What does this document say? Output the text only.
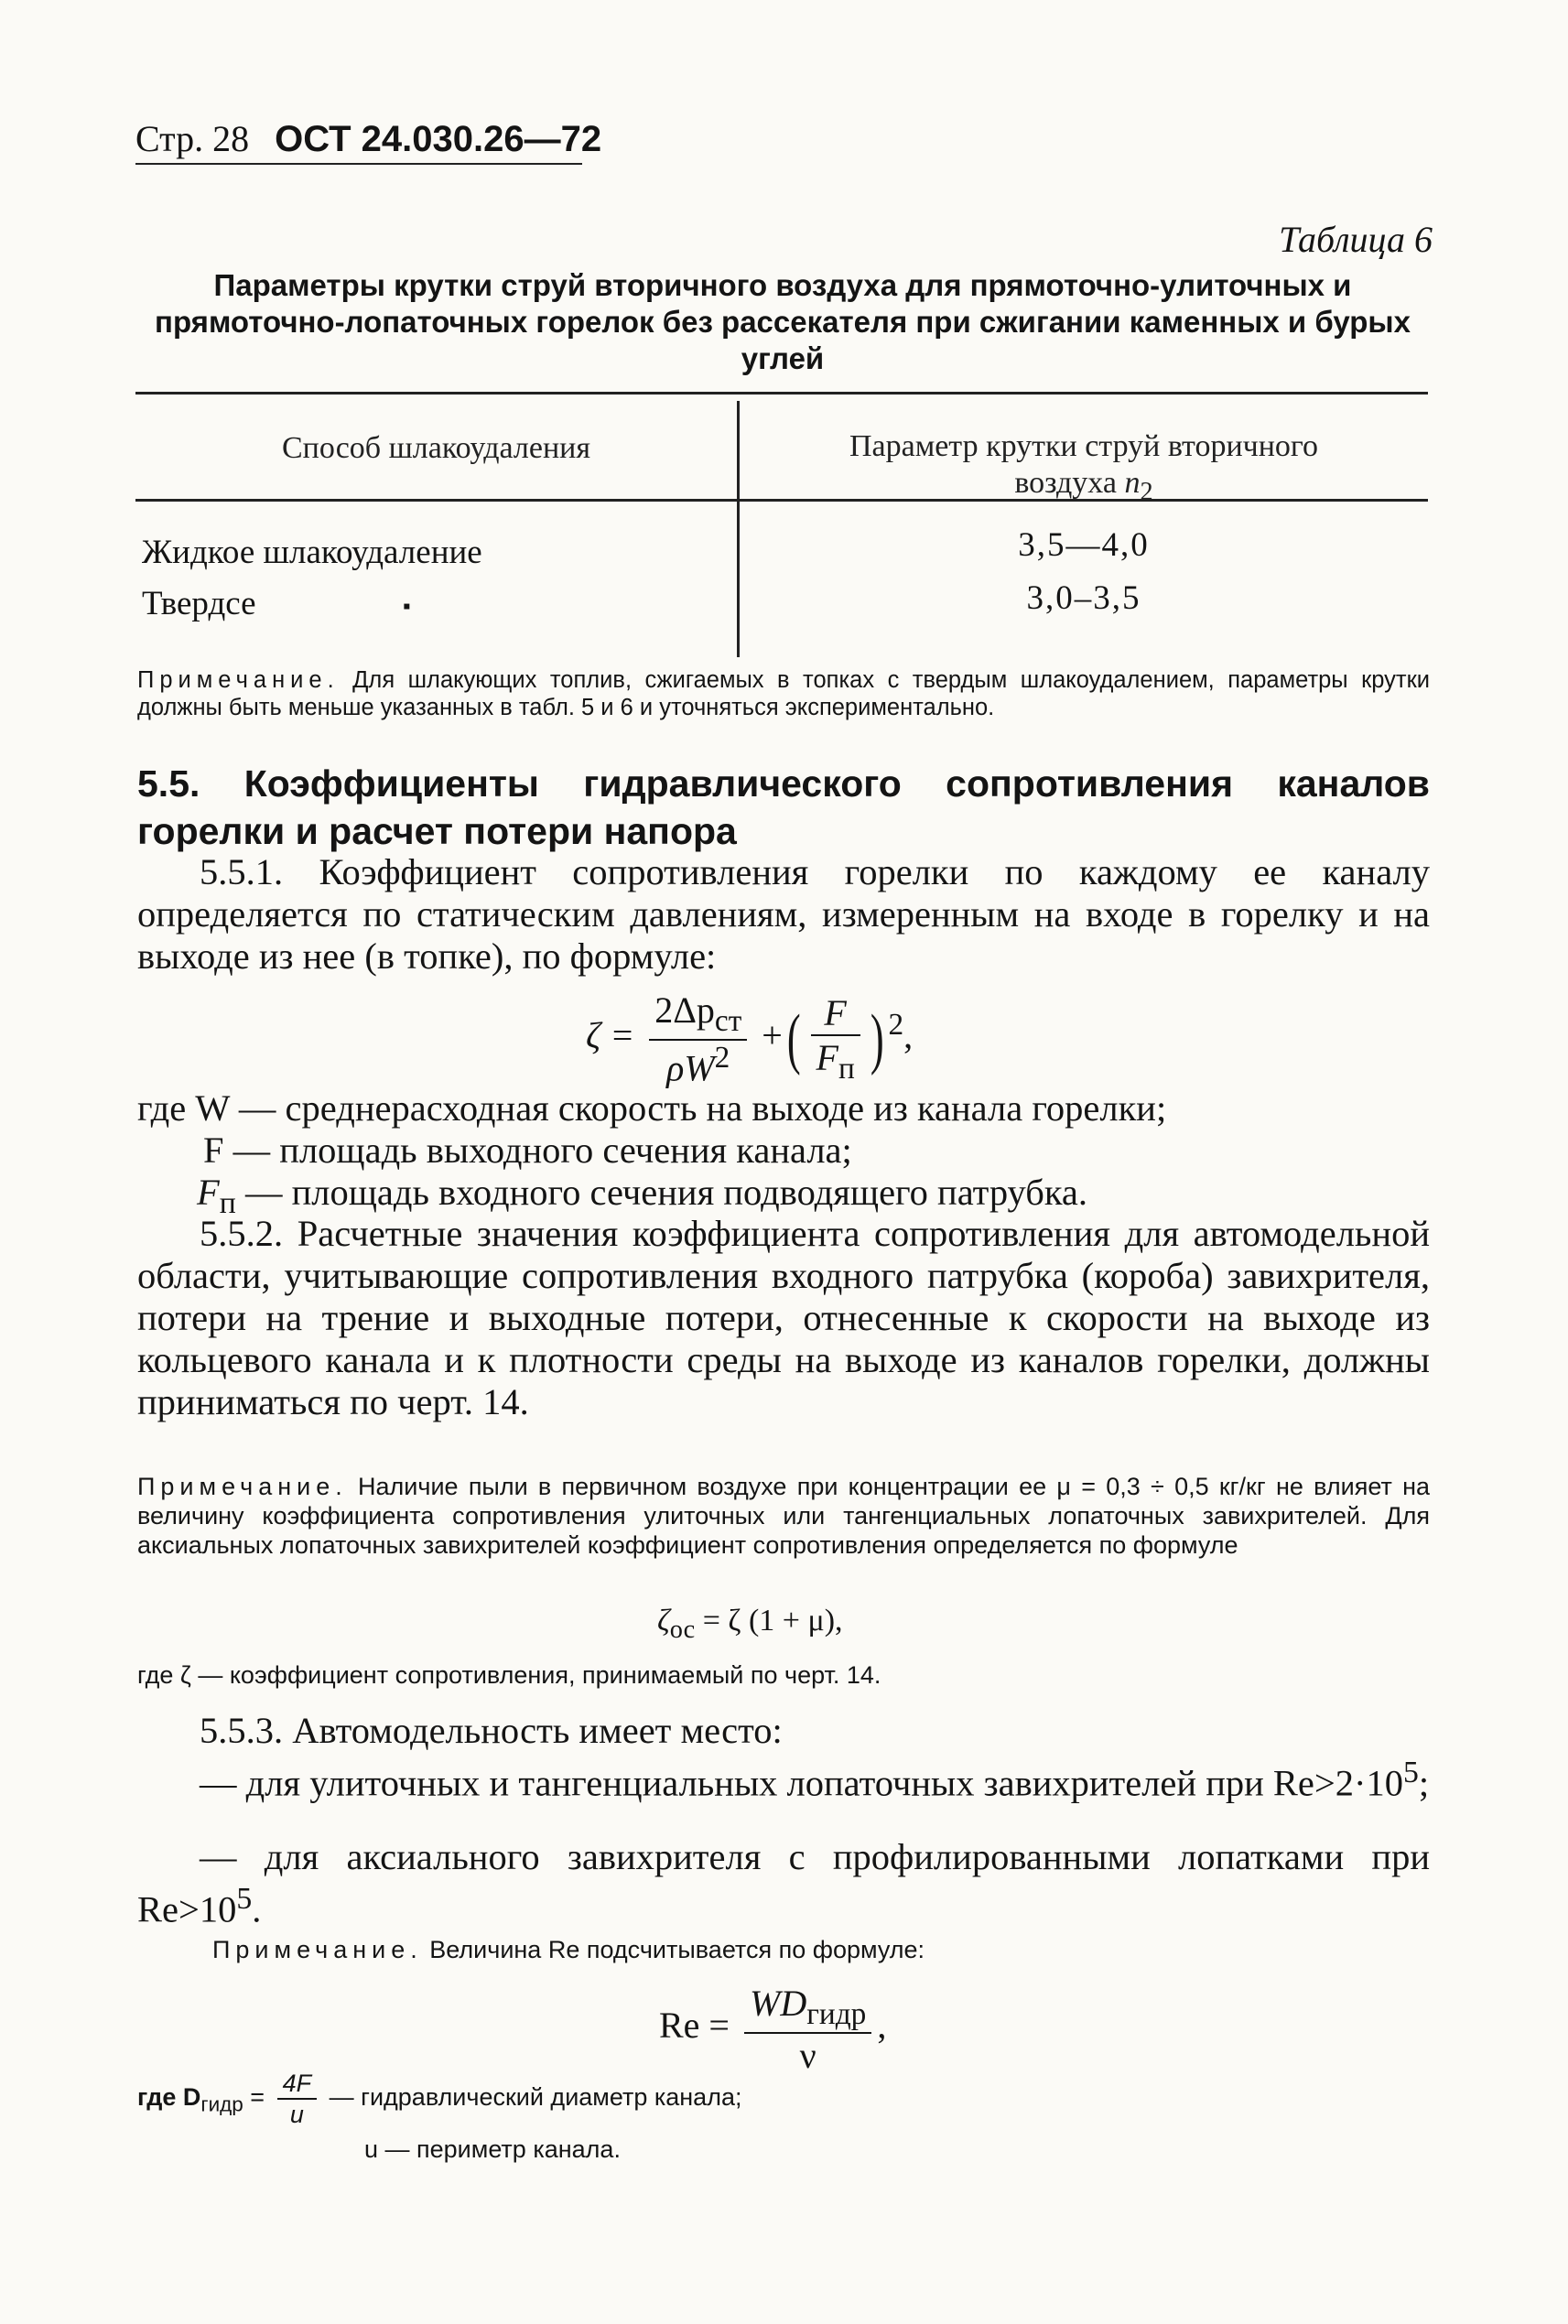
Стр. 28 ОСТ 24.030.26—72
Таблица 6
Параметры крутки струй вторичного воздуха для прямоточно-улиточных и прямоточно-лопаточных горелок без рассекателя при сжигании каменных и бурых углей
Способ шлакоудаления	Параметр крутки струй вторичного
воздуха $n_2$
Жидкое шлакоудаление	3,5—4,0
Твердсе	▪	3,0–3,5
Примечание. Для шлакующих топлив, сжигаемых в топках с твердым шлакоудалением, параметры крутки должны быть меньше указанных в табл. 5 и 6 и уточняться экспериментально.
5.5. Коэффициенты гидравлического сопротивления каналов горелки и расчет потери напора
5.5.1. Коэффициент сопротивления горелки по каждому ее каналу определяется по статическим давлениям, измеренным на входе в горелку и на выходе из нее (в топке), по формуле:
$\zeta = \frac{2\Delta p_{ст}}{\rho W^2}$ +( $\frac{F}{F_п}$ ) $^2$,
где W — среднерасходная скорость на выходе из канала горелки;
F — площадь выходного сечения канала;
$F_п$ — площадь входного сечения подводящего патрубка.
5.5.2. Расчетные значения коэффициента сопротивления для автомодельной области, учитывающие сопротивления входного патрубка (короба) завихрителя, потери на трение и выходные потери, отнесенные к скорости на выходе из кольцевого канала и к плотности среды на выходе из каналов горелки, должны приниматься по черт. 14.
Примечание. Наличие пыли в первичном воздухе при концентрации ее μ = 0,3 ÷ 0,5 кг/кг не влияет на величину коэффициента сопротивления улиточных или тангенциальных лопаточных завихрителей. Для аксиальных лопаточных завихрителей коэффициент сопротивления определяется по формуле
$\zeta_{ос} = \zeta$ (1 + μ),
где ζ — коэффициент сопротивления, принимаемый по черт. 14.
5.5.3. Автомодельность имеет место:
— для улиточных и тангенциальных лопаточных завихрителей при $Re>2\cdot 10^5$;
— для аксиального завихрителя с профилированными лопатками при $Re>10^5$.
Примечание. Величина Re подсчитывается по формуле:
$Re = \frac{WD_{гидр}}{\nu}$ ,
где $D_{гидр} = \frac{4F}{u}$ — гидравлический диаметр канала;
u — периметр канала.
